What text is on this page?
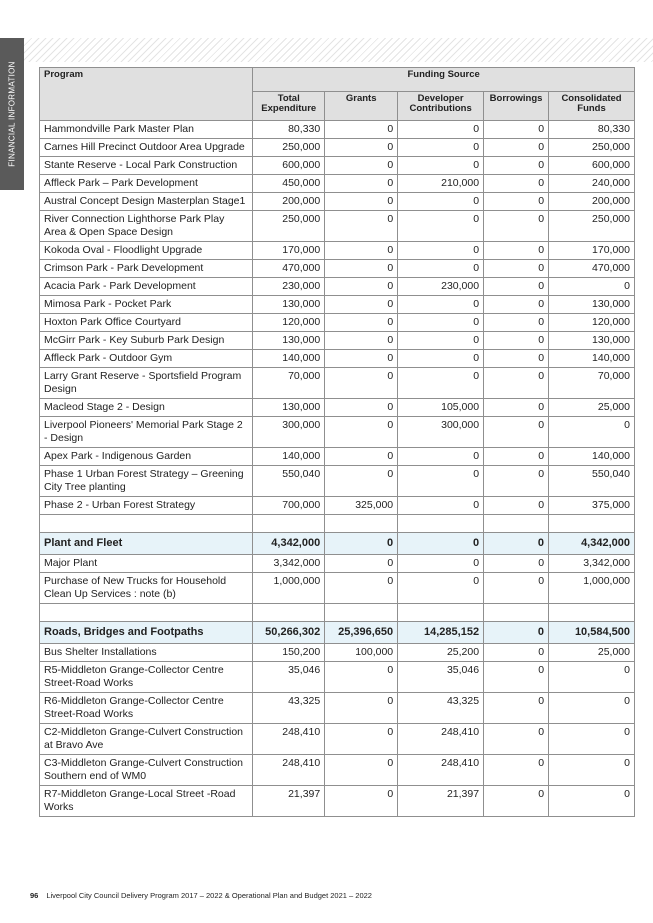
FINANCIAL INFORMATION	Program	Funding Source				
	Total Expenditure	Grants	Developer Contributions	Borrowings	Consolidated Funds
Hammondville Park Master Plan	80,330	0	0	0	80,330
Carnes Hill Precinct Outdoor Area Upgrade	250,000	0	0	0	250,000
Stante Reserve - Local Park Construction	600,000	0	0	0	600,000
Affleck Park – Park Development	450,000	0	210,000	0	240,000
Austral Concept Design Masterplan Stage1	200,000	0	0	0	200,000
River Connection Lighthorse Park Play Area & Open Space Design	250,000	0	0	0	250,000
Kokoda Oval - Floodlight Upgrade	170,000	0	0	0	170,000
Crimson Park - Park Development	470,000	0	0	0	470,000
Acacia Park - Park Development	230,000	0	230,000	0	0
Mimosa Park - Pocket Park	130,000	0	0	0	130,000
Hoxton Park Office Courtyard	120,000	0	0	0	120,000
McGirr Park - Key Suburb Park Design	130,000	0	0	0	130,000
Affleck Park - Outdoor Gym	140,000	0	0	0	140,000
Larry Grant Reserve - Sportsfield Program Design	70,000	0	0	0	70,000
Macleod Stage 2 - Design	130,000	0	105,000	0	25,000
Liverpool Pioneers' Memorial Park Stage 2 - Design	300,000	0	300,000	0	0
Apex Park - Indigenous Garden	140,000	0	0	0	140,000
Phase 1 Urban Forest Strategy – Greening City Tree planting	550,040	0	0	0	550,040
Phase 2 - Urban Forest Strategy	700,000	325,000	0	0	375,000

Plant and Fleet	4,342,000	0	0	0	4,342,000
Major Plant	3,342,000	0	0	0	3,342,000
Purchase of New Trucks for Household Clean Up Services : note (b)	1,000,000	0	0	0	1,000,000

Roads, Bridges and Footpaths	50,266,302	25,396,650	14,285,152	0	10,584,500
Bus Shelter Installations	150,200	100,000	25,200	0	25,000
R5-Middleton Grange-Collector Centre Street-Road Works	35,046	0	35,046	0	0
R6-Middleton Grange-Collector Centre Street-Road Works	43,325	0	43,325	0	0
C2-Middleton Grange-Culvert Construction at Bravo Ave	248,410	0	248,410	0	0
C3-Middleton Grange-Culvert Construction Southern end of WM0	248,410	0	248,410	0	0
R7-Middleton Grange-Local Street -Road Works	21,397	0	21,397	0	0
96 Liverpool City Council Delivery Program 2017 – 2022 & Operational Plan and Budget 2021 – 2022
